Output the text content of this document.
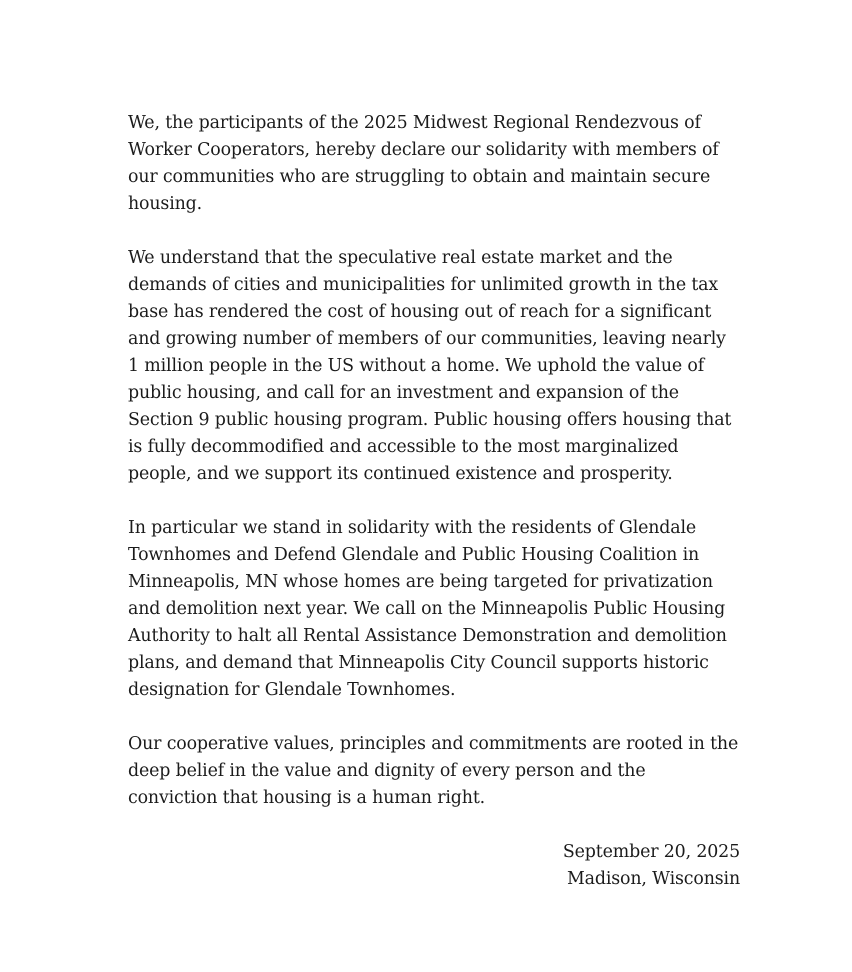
We, the participants of the 2025 Midwest Regional Rendezvous of Worker Cooperators, hereby declare our solidarity with members of our communities who are struggling to obtain and maintain secure housing.

We understand that the speculative real estate market and the demands of cities and municipalities for unlimited growth in the tax base has rendered the cost of housing out of reach for a significant and growing number of members of our communities, leaving nearly 1 million people in the US without a home. We uphold the value of public housing, and call for an investment and expansion of the Section 9 public housing program. Public housing offers housing that is fully decommodified and accessible to the most marginalized people, and we support its continued existence and prosperity.

In particular we stand in solidarity with the residents of Glendale Townhomes and Defend Glendale and Public Housing Coalition in Minneapolis, MN whose homes are being targeted for privatization and demolition next year. We call on the Minneapolis Public Housing Authority to halt all Rental Assistance Demonstration and demolition plans, and demand that Minneapolis City Council supports historic designation for Glendale Townhomes.

Our cooperative values, principles and commitments are rooted in the deep belief in the value and dignity of every person and the conviction that housing is a human right.

September 20, 2025
Madison, Wisconsin
